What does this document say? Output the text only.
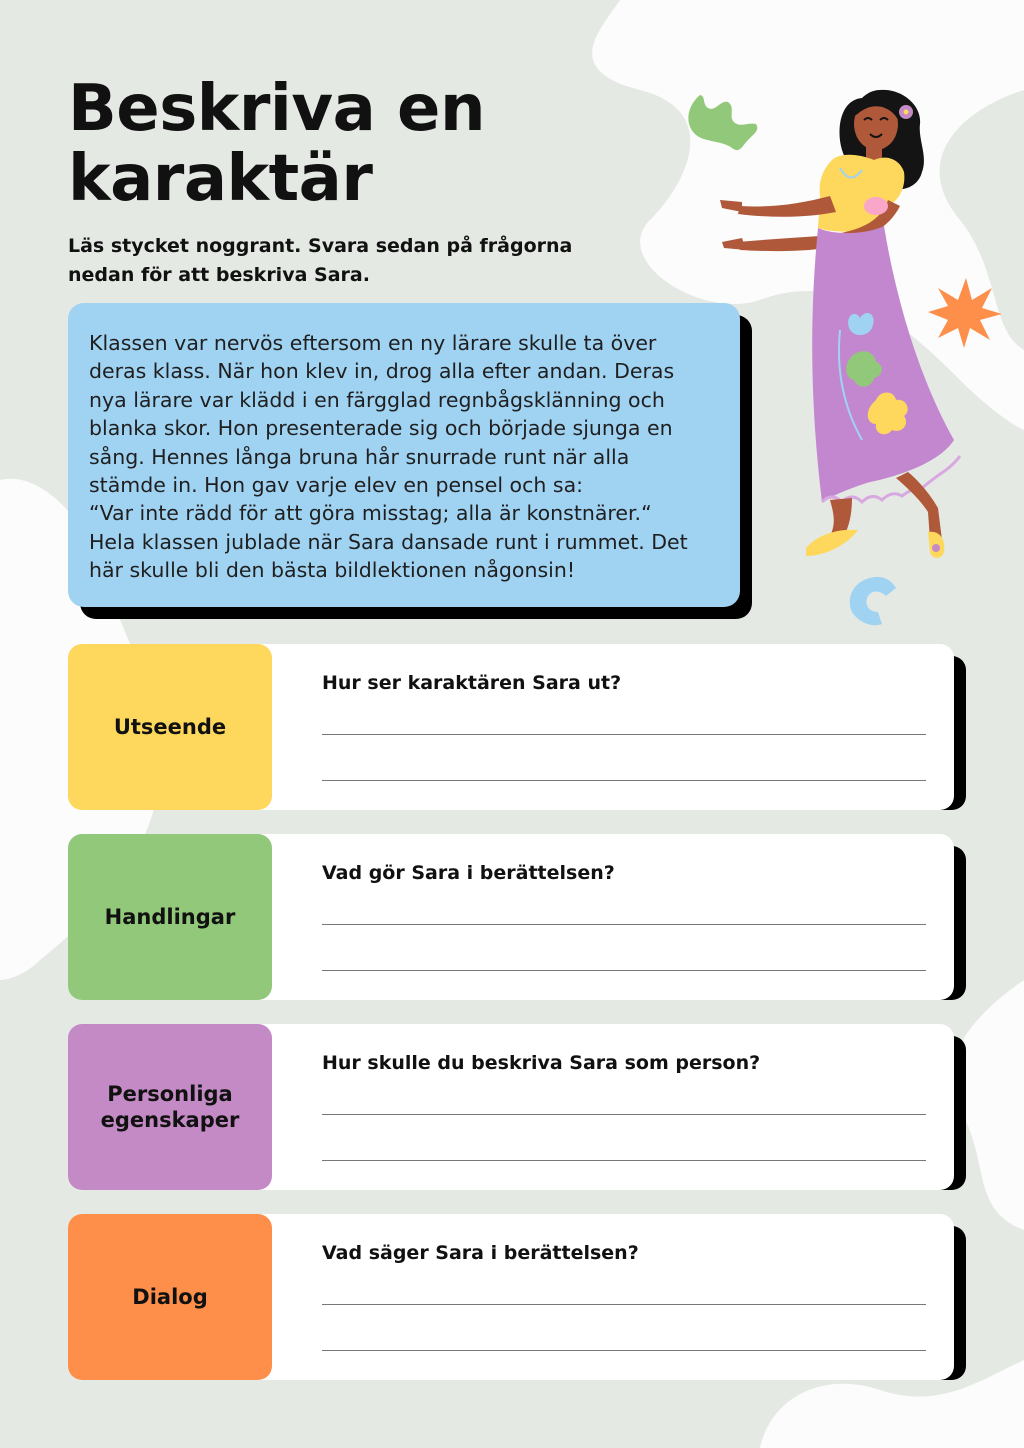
Beskriva en karaktär
Läs stycket noggrant. Svara sedan på frågorna nedan för att beskriva Sara.

Klassen var nervös eftersom en ny lärare skulle ta över
deras klass. När hon klev in, drog alla efter andan. Deras
nya lärare var klädd i en färgglad regnbågsklänning och
blanka skor. Hon presenterade sig och började sjunga en
sång. Hennes långa bruna hår snurrade runt när alla
stämde in. Hon gav varje elev en pensel och sa:
“Var inte rädd för att göra misstag; alla är konstnärer.“
Hela klassen jublade när Sara dansade runt i rummet. Det
här skulle bli den bästa bildlektionen någonsin!

Utseende
Hur ser karaktären Sara ut?
Handlingar
Vad gör Sara i berättelsen?
Personliga egenskaper
Hur skulle du beskriva Sara som person?
Dialog
Vad säger Sara i berättelsen?
